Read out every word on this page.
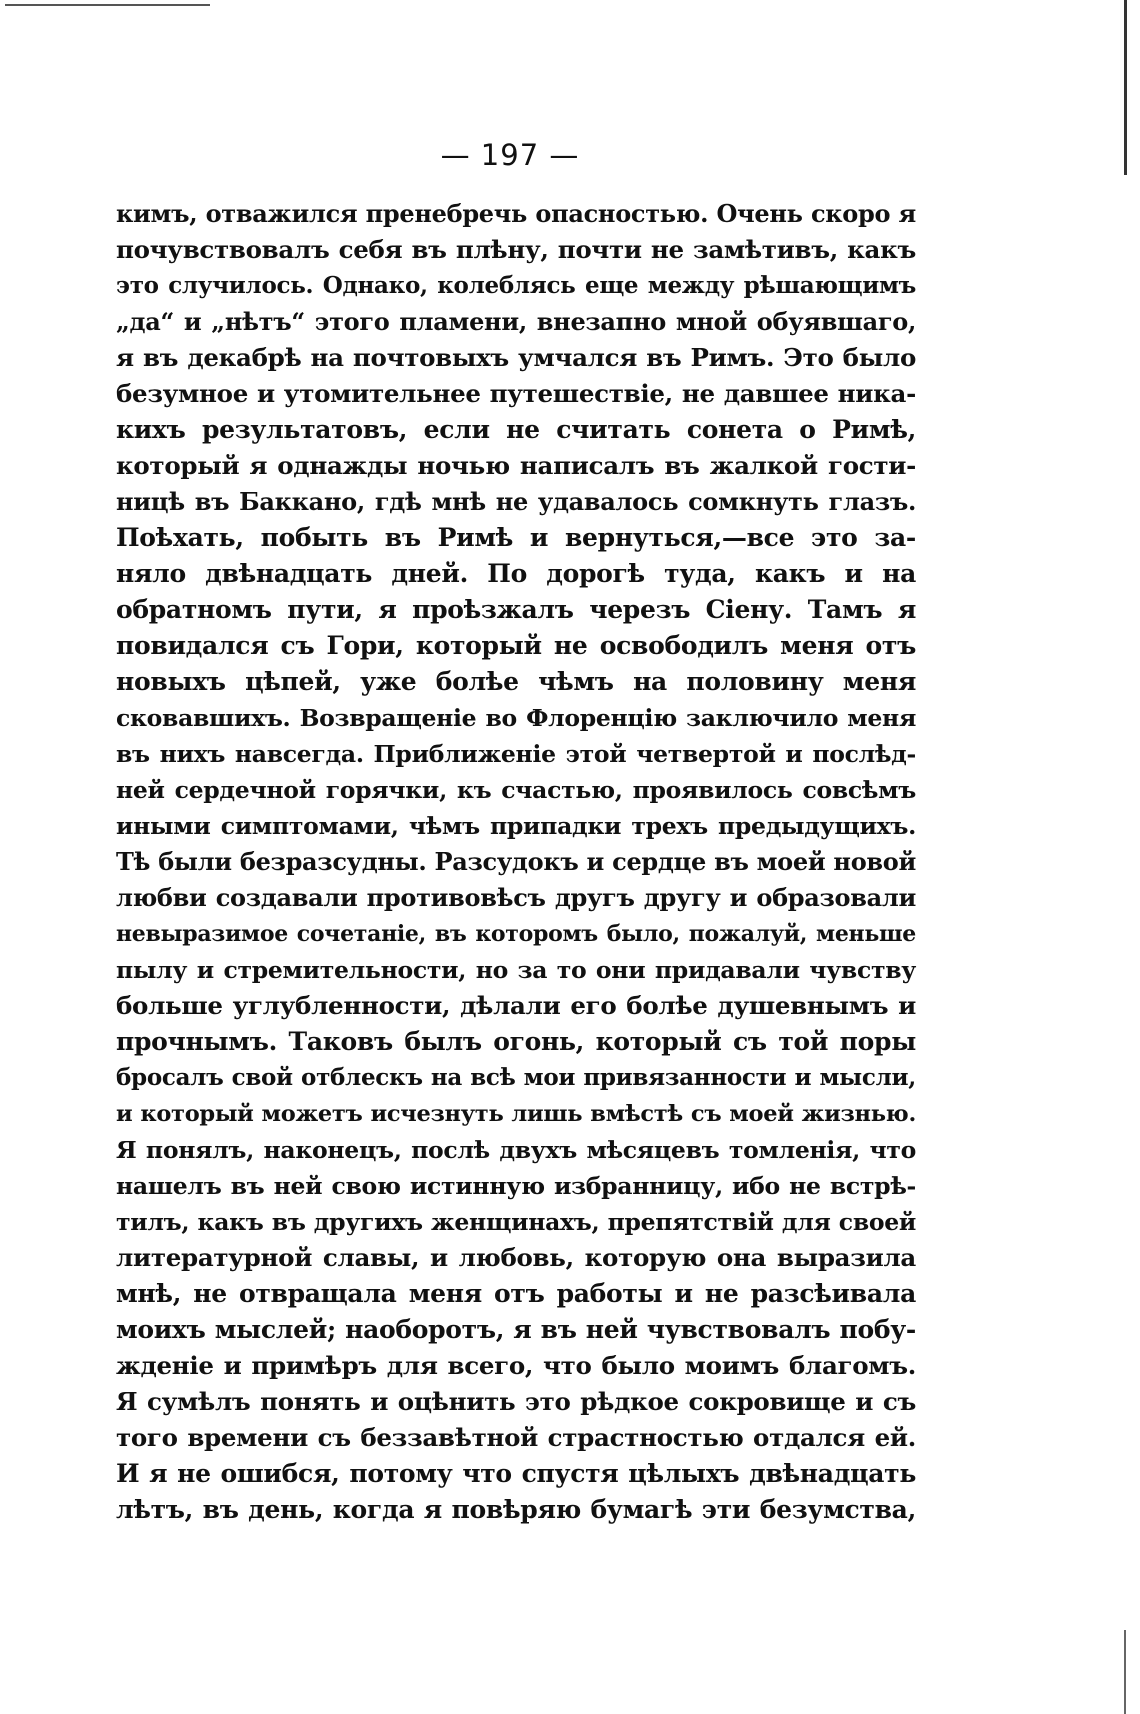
— 197 —
кимъ, отважился пренебречь опасностью. Очень скоро я
почувствовалъ себя въ плѣну, почти не замѣтивъ, какъ
это случилось. Однако, колеблясь еще между рѣшающимъ
„да“ и „нѣтъ“ этого пламени, внезапно мной обуявшаго,
я въ декабрѣ на почтовыхъ умчался въ Римъ. Это было
безумное и утомительнее путешествіе, не давшее ника-
кихъ результатовъ, если не считать сонета о Римѣ,
который я однажды ночью написалъ въ жалкой гости-
ницѣ въ Баккано, гдѣ мнѣ не удавалось сомкнуть глазъ.
Поѣхать, побыть въ Римѣ и вернуться,—все это за-
няло двѣнадцать дней. По дорогѣ туда, какъ и на
обратномъ пути, я проѣзжалъ черезъ Сіену. Тамъ я
повидался съ Гори, который не освободилъ меня отъ
новыхъ цѣпей, уже болѣе чѣмъ на половину меня
сковавшихъ. Возвращеніе во Флоренцію заключило меня
въ нихъ навсегда. Приближеніе этой четвертой и послѣд-
ней сердечной горячки, къ счастью, проявилось совсѣмъ
иными симптомами, чѣмъ припадки трехъ предыдущихъ.
Тѣ были безразсудны. Разсудокъ и сердце въ моей новой
любви создавали противовѣсъ другъ другу и образовали
невыразимое сочетаніе, въ которомъ было, пожалуй, меньше
пылу и стремительности, но за то они придавали чувству
больше углубленности, дѣлали его болѣе душевнымъ и
прочнымъ. Таковъ былъ огонь, который съ той поры
бросалъ свой отблескъ на всѣ мои привязанности и мысли,
и который можетъ исчезнуть лишь вмѣстѣ съ моей жизнью.
Я понялъ, наконецъ, послѣ двухъ мѣсяцевъ томленія, что
нашелъ въ ней свою истинную избранницу, ибо не встрѣ-
тилъ, какъ въ другихъ женщинахъ, препятствій для своей
литературной славы, и любовь, которую она выразила
мнѣ, не отвращала меня отъ работы и не разсѣивала
моихъ мыслей; наоборотъ, я въ ней чувствовалъ побу-
жденіе и примѣръ для всего, что было моимъ благомъ.
Я сумѣлъ понять и оцѣнить это рѣдкое сокровище и съ
того времени съ беззавѣтной страстностью отдался ей.
И я не ошибся, потому что спустя цѣлыхъ двѣнадцать
лѣтъ, въ день, когда я повѣряю бумагѣ эти безумства,
